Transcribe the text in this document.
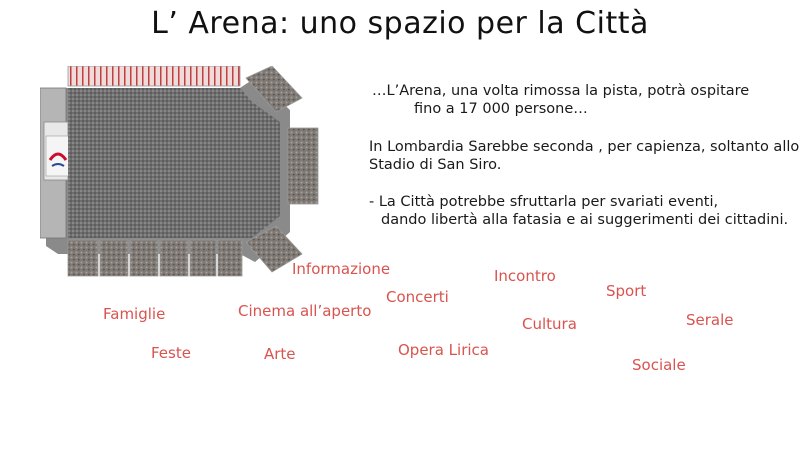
L’ Arena: uno spazio per la Città
…L’Arena, una volta rimossa la pista, potrà ospitare
fino a 17 000 persone…
In Lombardia Sarebbe seconda , per capienza, soltanto allo
Stadio di San Siro.
- La Città potrebbe sfruttarla per svariati eventi,
dando libertà alla fatasia e ai suggerimenti dei cittadini.
Informazione	Incontro
Sport
Concerti
Famiglie	Cinema all’aperto
Cultura	Serale
Feste	Arte	Opera Lirica
Sociale
